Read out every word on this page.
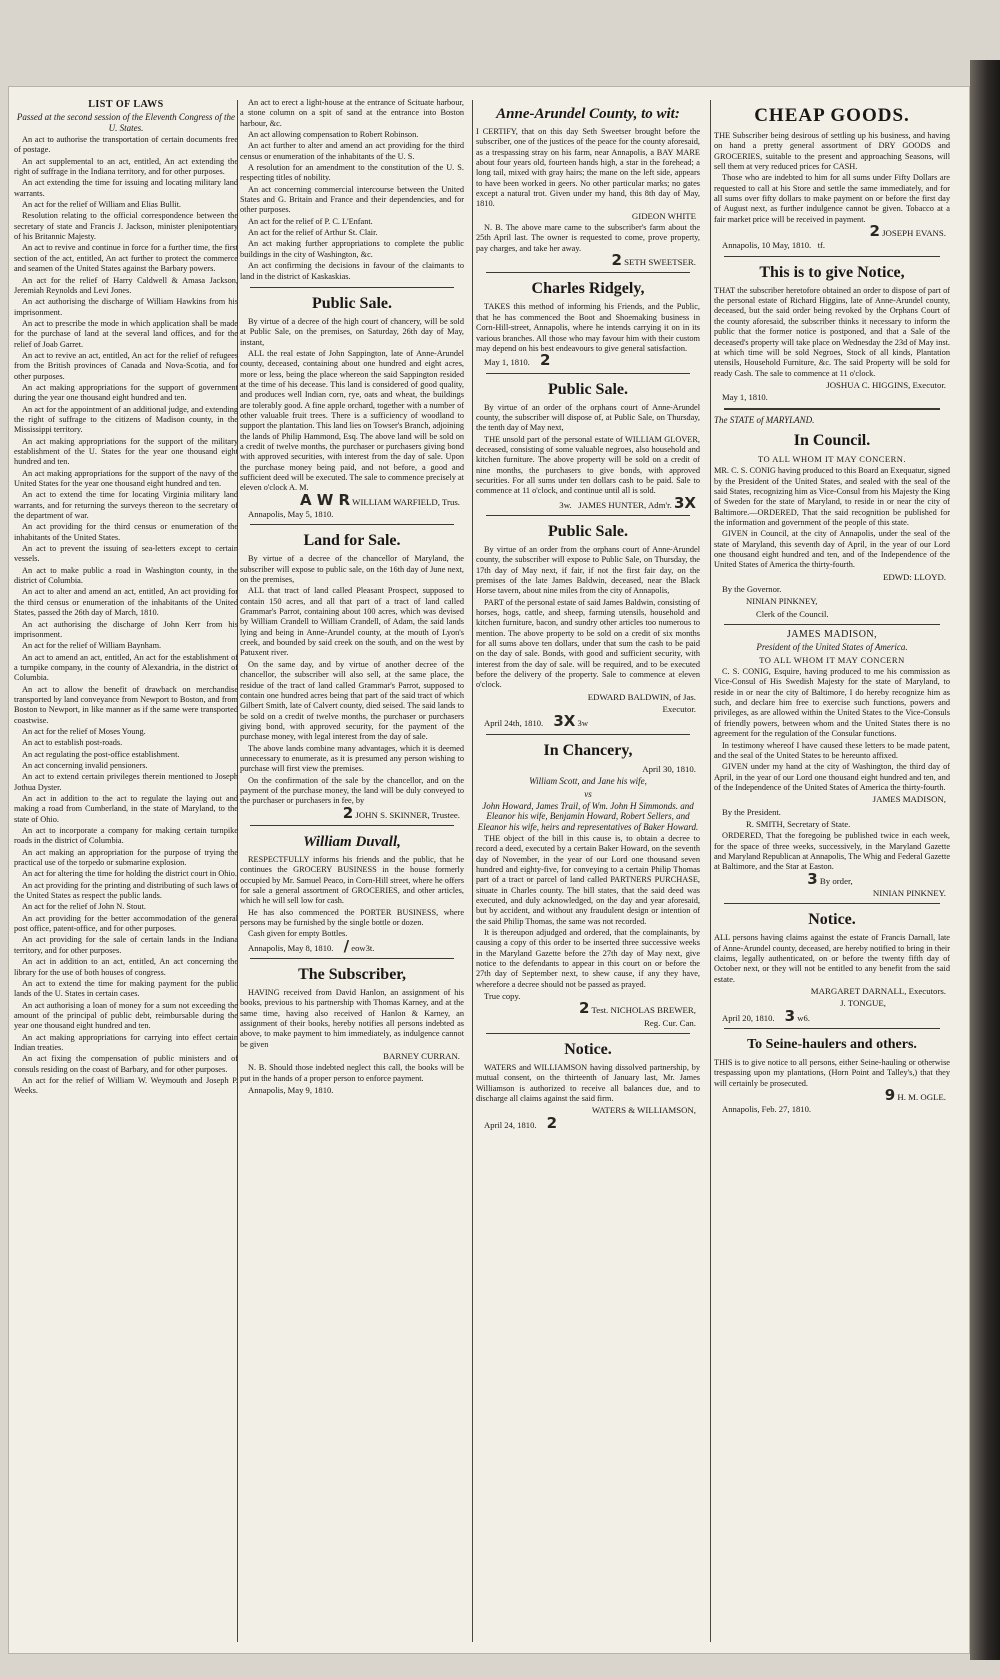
LIST OF LAWS
Passed at the second session of the Eleventh Congress of the U. States.

An act to authorise the transportation of certain documents free of postage.

An act supplemental to an act, entitled, An act extending the right of suffrage in the Indiana territory, and for other purposes.

An act extending the time for issuing and locating military land warrants.

An act for the relief of William and Elias Bullit.

Resolution relating to the official correspondence between the secretary of state and Francis J. Jackson, minister plenipotentiary of his Britannic Majesty.

An act to revive and continue in force for a further time, the first section of the act, entitled, An act further to protect the commerce and seamen of the United States against the Barbary powers.

An act for the relief of Harry Caldwell & Amasa Jackson, Jeremiah Reynolds and Levi Jones.

An act authorising the discharge of William Hawkins from his imprisonment.

An act to prescribe the mode in which application shall be made for the purchase of land at the several land offices, and for the relief of Joab Garret.

An act to revive an act, entitled, An act for the relief of refugees from the British provinces of Canada and Nova-Scotia, and for other purposes.

An act making appropriations for the support of government during the year one thousand eight hundred and ten.

An act for the appointment of an additional judge, and extending the right of suffrage to the citizens of Madison county, in the Mississippi territory.

An act making appropriations for the support of the military establishment of the U. States for the year one thousand eight hundred and ten.

An act making appropriations for the support of the navy of the United States for the year one thousand eight hundred and ten.

An act to extend the time for locating Virginia military land warrants, and for returning the surveys thereon to the secretary of the department of war.

An act providing for the third census or enumeration of the inhabitants of the United States.

An act to prevent the issuing of sea-letters except to certain vessels.

An act to make public a road in Washington county, in the district of Columbia.

An act to alter and amend an act, entitled, An act providing for the third census or enumeration of the inhabitants of the United States, passed the 26th day of March, 1810.

An act authorising the discharge of John Kerr from his imprisonment.

An act for the relief of William Baynham.

An act to amend an act, entitled, An act for the establishment of a turnpike company, in the county of Alexandria, in the district of Columbia.

An act to allow the benefit of drawback on merchandise transported by land conveyance from Newport to Boston, and from Boston to Newport, in like manner as if the same were transported coastwise.

An act for the relief of Moses Young.

An act to establish post-roads.

An act regulating the post-office establishment.

An act concerning invalid pensioners.

An act to extend certain privileges therein mentioned to Joseph Jothua Dyster.

An act in addition to the act to regulate the laying out and making a road from Cumberland, in the state of Maryland, to the state of Ohio.

An act to incorporate a company for making certain turnpike roads in the district of Columbia.

An act making an appropriation for the purpose of trying the practical use of the torpedo or submarine explosion.

An act for altering the time for holding the district court in Ohio.

An act providing for the printing and distributing of such laws of the United States as respect the public lands.

An act for the relief of John N. Stout.

An act providing for the better accommodation of the general post office, patent-office, and for other purposes.

An act providing for the sale of certain lands in the Indiana territory, and for other purposes.

An act in addition to an act, entitled, An act concerning the library for the use of both houses of congress.

An act to extend the time for making payment for the public lands of the U. States in certain cases.

An act authorising a loan of money for a sum not exceeding the amount of the principal of public debt, reimbursable during the year one thousand eight hundred and ten.

An act making appropriations for carrying into effect certain Indian treaties.

An act fixing the compensation of public ministers and of consuls residing on the coast of Barbary, and for other purposes.

An act for the relief of William W. Weymouth and Joseph P. Weeks.

An act to erect a light-house at the entrance of Scituate harbour, a stone column on a spit of sand at the entrance into Boston harbour, &c.

An act allowing compensation to Robert Robinson.

An act further to alter and amend an act providing for the third census or enumeration of the inhabitants of the U. S.

A resolution for an amendment to the constitution of the U. S. respecting titles of nobility.

An act concerning commercial intercourse between the United States and G. Britain and France and their dependencies, and for other purposes.

An act for the relief of P. C. L'Enfant.

An act for the relief of Arthur St. Clair.

An act making further appropriations to complete the public buildings in the city of Washington, &c.

An act confirming the decisions in favour of the claimants to land in the district of Kaskaskias.

Public Sale.

By virtue of a decree of the high court of chancery, will be sold at Public Sale, on the premises, on Saturday, 26th day of May, instant,

ALL the real estate of John Sappington, late of Anne-Arundel county, deceased, containing about one hundred and eight acres, more or less, being the place whereon the said Sappington resided at the time of his decease. This land is considered of good quality, and produces well Indian corn, rye, oats and wheat, the buildings are tolerably good. A fine apple orchard, together with a number of other valuable fruit trees. There is a sufficiency of woodland to support the plantation. This land lies on Towser's Branch, adjoining the lands of Philip Hammond, Esq. The above land will be sold on a credit of twelve months, the purchaser or purchasers giving bond with approved securities, with interest from the day of sale. Upon the purchase money being paid, and not before, a good and sufficient deed will be executed. The sale to commence precisely at eleven o'clock A. M.

A W R WILLIAM WARFIELD, Trus.
Annapolis, May 5, 1810.
Land for Sale.

By virtue of a decree of the chancellor of Maryland, the subscriber will expose to public sale, on the 16th day of June next, on the premises,

ALL that tract of land called Pleasant Prospect, supposed to contain 150 acres, and all that part of a tract of land called Grammar's Parrot, containing about 100 acres, which was devised by William Crandell to William Crandell, of Adam, the said lands lying and being in Anne-Arundel county, at the mouth of Lyon's creek, and bounded by said creek on the south, and on the west by Patuxent river.

On the same day, and by virtue of another decree of the chancellor, the subscriber will also sell, at the same place, the residue of the tract of land called Grammar's Parrot, supposed to contain one hundred acres being that part of the said tract of which Gilbert Smith, late of Calvert county, died seised. The said lands to be sold on a credit of twelve months, the purchaser or purchasers giving bond, with approved security, for the payment of the purchase money, with legal interest from the day of sale.

The above lands combine many advantages, which it is deemed unnecessary to enumerate, as it is presumed any person wishing to purchase will first view the premises.

On the confirmation of the sale by the chancellor, and on the payment of the purchase money, the land will be duly conveyed to the purchaser or purchasers in fee, by

2 JOHN S. SKINNER, Trustee.
William Duvall,

RESPECTFULLY informs his friends and the public, that he continues the GROCERY BUSINESS in the house formerly occupied by Mr. Samuel Peaco, in Corn-Hill street, where he offers for sale a general assortment of GROCERIES, and other articles, which he will sell low for cash.

He has also commenced the PORTER BUSINESS, where persons may be furnished by the single bottle or dozen.

Cash given for empty Bottles.

Annapolis, May 8, 1810. / eow3t.
The Subscriber,

HAVING received from David Hanlon, an assignment of his books, previous to his partnership with Thomas Karney, and at the same time, having also received of Hanlon & Karney, an assignment of their books, hereby notifies all persons indebted as above, to make payment to him immediately, as indulgence cannot be given

BARNEY CURRAN.

N. B. Should those indebted neglect this call, the books will be put in the hands of a proper person to enforce payment.

Annapolis, May 9, 1810.
Anne-Arundel County, to wit:

I CERTIFY, that on this day Seth Sweetser brought before the subscriber, one of the justices of the peace for the county aforesaid, as a trespassing stray on his farm, near Annapolis, a BAY MARE about four years old, fourteen hands high, a star in the forehead; a long tail, mixed with gray hairs; the mane on the left side, appears to have been worked in geers. No other particular marks; no gates except a natural trot. Given under my hand, this 8th day of May, 1810.

GIDEON WHITE

N. B. The above mare came to the subscriber's farm about the 25th April last. The owner is requested to come, prove property, pay charges, and take her away.

2 SETH SWEETSER.
Charles Ridgely,

TAKES this method of informing his Friends, and the Public, that he has commenced the Boot and Shoemaking business in Corn-Hill-street, Annapolis, where he intends carrying it on in its various branches. All those who may favour him with their custom may depend on his best endeavours to give general satisfaction.

May 1, 1810. 2
Public Sale.

By virtue of an order of the orphans court of Anne-Arundel county, the subscriber will dispose of, at Public Sale, on Thursday, the tenth day of May next,

THE unsold part of the personal estate of WILLIAM GLOVER, deceased, consisting of some valuable negroes, also household and kitchen furniture. The above property will be sold on a credit of nine months, the purchasers to give bonds, with approved securities. For all sums under ten dollars cash to be paid. Sale to commence at 11 o'clock, and continue until all is sold.

3w. JAMES HUNTER, Adm'r. 3X
Public Sale.

By virtue of an order from the orphans court of Anne-Arundel county, the subscriber will expose to Public Sale, on Thursday, the 17th day of May next, if fair, if not the first fair day, on the premises of the late James Baldwin, deceased, near the Black Horse tavern, about nine miles from the city of Annapolis,

PART of the personal estate of said James Baldwin, consisting of horses, hogs, cattle, and sheep, farming utensils, household and kitchen furniture, bacon, and sundry other articles too numerous to mention. The above property to be sold on a credit of six months for all sums above ten dollars, under that sum the cash to be paid on the day of sale. Bonds, with good and sufficient security, with interest from the day of sale. will be required, and to be executed before the delivery of the property. Sale to commence at eleven o'clock.

EDWARD BALDWIN, of Jas.
Executor.
April 24th, 1810. 3X 3w
In Chancery,
April 30, 1810.
William Scott, and Jane his wife,
vs
John Howard, James Trail, of Wm. John H Simmonds. and Eleanor his wife, Benjamin Howard, Robert Sellers, and Eleanor his wife, heirs and representatives of Baker Howard.

THE object of the bill in this cause is, to obtain a decree to record a deed, executed by a certain Baker Howard, on the seventh day of November, in the year of our Lord one thousand seven hundred and eighty-five, for conveying to a certain Philip Thomas part of a tract or parcel of land called PARTNERS PURCHASE, situate in Charles county. The bill states, that the said deed was executed, and duly acknowledged, on the day and year aforesaid, but by accident, and without any fraudulent design or intention of the said Philip Thomas, the same was not recorded.

It is thereupon adjudged and ordered, that the complainants, by causing a copy of this order to be inserted three successive weeks in the Maryland Gazette before the 27th day of May next, give notice to the defendants to appear in this court on or before the 27th day of September next, to shew cause, if any they have, wherefore a decree should not be passed as prayed.

True copy.
2 Test. NICHOLAS BREWER,
Reg. Cur. Can.
Notice.

WATERS and WILLIAMSON having dissolved partnership, by mutual consent, on the thirteenth of January last, Mr. James Williamson is authorized to receive all balances due, and to discharge all claims against the said firm.

WATERS & WILLIAMSON,
April 24, 1810. 2
CHEAP GOODS.

THE Subscriber being desirous of settling up his business, and having on hand a pretty general assortment of DRY GOODS and GROCERIES, suitable to the present and approaching Seasons, will sell them at very reduced prices for CASH.

Those who are indebted to him for all sums under Fifty Dollars are requested to call at his Store and settle the same immediately, and for all sums over fifty dollars to make payment on or before the first day of August next, as further indulgence cannot be given. Tobacco at a fair market price will be received in payment.

2 JOSEPH EVANS.
Annapolis, 10 May, 1810. tf.
This is to give Notice,

THAT the subscriber heretofore obtained an order to dispose of part of the personal estate of Richard Higgins, late of Anne-Arundel county, deceased, but the said order being revoked by the Orphans Court of the county aforesaid, the subscriber thinks it necessary to inform the public that the former notice is postponed, and that a Sale of the deceased's property will take place on Wednesday the 23d of May inst. at which time will be sold Negroes, Stock of all kinds, Plantation utensils, Household Furniture, &c. The said Property will be sold for ready Cash. The sale to commence at 11 o'clock.

JOSHUA C. HIGGINS, Executor.
May 1, 1810.
The STATE of MARYLAND.
In Council.
TO ALL WHOM IT MAY CONCERN.

MR. C. S. CONIG having produced to this Board an Exequatur, signed by the President of the United States, and sealed with the seal of the said States, recognizing him as Vice-Consul from his Majesty the King of Sweden for the state of Maryland, to reside in or near the city of Baltimore.—ORDERED, That the said recognition be published for the information and government of the people of this state.

GIVEN in Council, at the city of Annapolis, under the seal of the state of Maryland, this seventh day of April, in the year of our Lord one thousand eight hundred and ten, and of the Independence of the United States of America the thirty-fourth.

EDWD: LLOYD.
By the Governor.
NINIAN PINKNEY,
Clerk of the Council.
JAMES MADISON,
President of the United States of America.
TO ALL WHOM IT MAY CONCERN

C. S. CONIG, Esquire, having produced to me his commission as Vice-Consul of His Swedish Majesty for the state of Maryland, to reside in or near the city of Baltimore, I do hereby recognize him as such, and declare him free to exercise such functions, powers and privileges, as are allowed within the United States to the Vice-Consuls of friendly powers, between whom and the United States there is no agreement for the regulation of the Consular functions.

In testimony whereof I have caused these letters to be made patent, and the seal of the United States to be hereunto affixed.

GIVEN under my hand at the city of Washington, the third day of April, in the year of our Lord one thousand eight hundred and ten, and of the Independence of the United States of America the thirty-fourth.

JAMES MADISON,
By the President.
R. SMITH, Secretary of State.

ORDERED, That the foregoing be published twice in each week, for the space of three weeks, successively, in the Maryland Gazette and Maryland Republican at Annapolis, The Whig and Federal Gazette at Baltimore, and the Star at Easton.

3 By order,
NINIAN PINKNEY.
Notice.

ALL persons having claims against the estate of Francis Darnall, late of Anne-Arundel county, deceased, are hereby notified to bring in their claims, legally authenticated, on or before the twenty fifth day of October next, or they will not be entitled to any benefit from the said estate.

MARGARET DARNALL, Executors.
J. TONGUE,
April 20, 1810. 3 w6.
To Seine-haulers and others.

THIS is to give notice to all persons, either Seine-hauling or otherwise trespassing upon my plantations, (Horn Point and Talley's,) that they will certainly be prosecuted.

9 H. M. OGLE.
Annapolis, Feb. 27, 1810.
